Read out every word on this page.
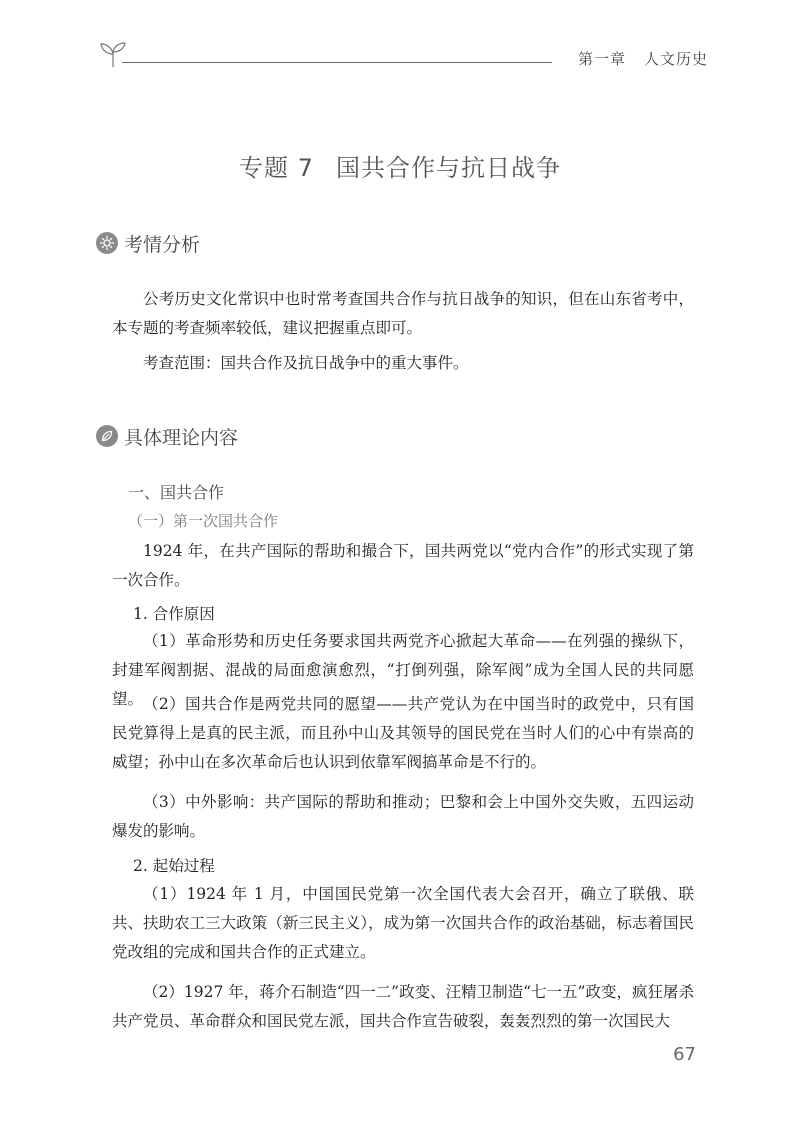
第一章 人文历史
专题 7 国共合作与抗日战争
考情分析

公考历史文化常识中也时常考查国共合作与抗日战争的知识，但在山东省考中，本专题的考查频率较低，建议把握重点即可。

考查范围：国共合作及抗日战争中的重大事件。

具体理论内容
一、国共合作
（一）第一次国共合作

1924 年，在共产国际的帮助和撮合下，国共两党以“党内合作”的形式实现了第一次合作。

1. 合作原因

（1）革命形势和历史任务要求国共两党齐心掀起大革命——在列强的操纵下，封建军阀割据、混战的局面愈演愈烈，“打倒列强，除军阀”成为全国人民的共同愿望。 （2）国共合作是两党共同的愿望——共产党认为在中国当时的政党中，只有国民党算得上是真的民主派，而且孙中山及其领导的国民党在当时人们的心中有崇高的威望；孙中山在多次革命后也认识到依靠军阀搞革命是不行的。

（3）中外影响：共产国际的帮助和推动；巴黎和会上中国外交失败，五四运动爆发的影响。

2. 起始过程

（1）1924 年 1 月，中国国民党第一次全国代表大会召开，确立了联俄、联共、扶助农工三大政策（新三民主义），成为第一次国共合作的政治基础，标志着国民党改组的完成和国共合作的正式建立。

（2）1927 年，蒋介石制造“四一二”政变、汪精卫制造“七一五”政变，疯狂屠杀共产党员、革命群众和国民党左派，国共合作宣告破裂，轰轰烈烈的第一次国民大

67
